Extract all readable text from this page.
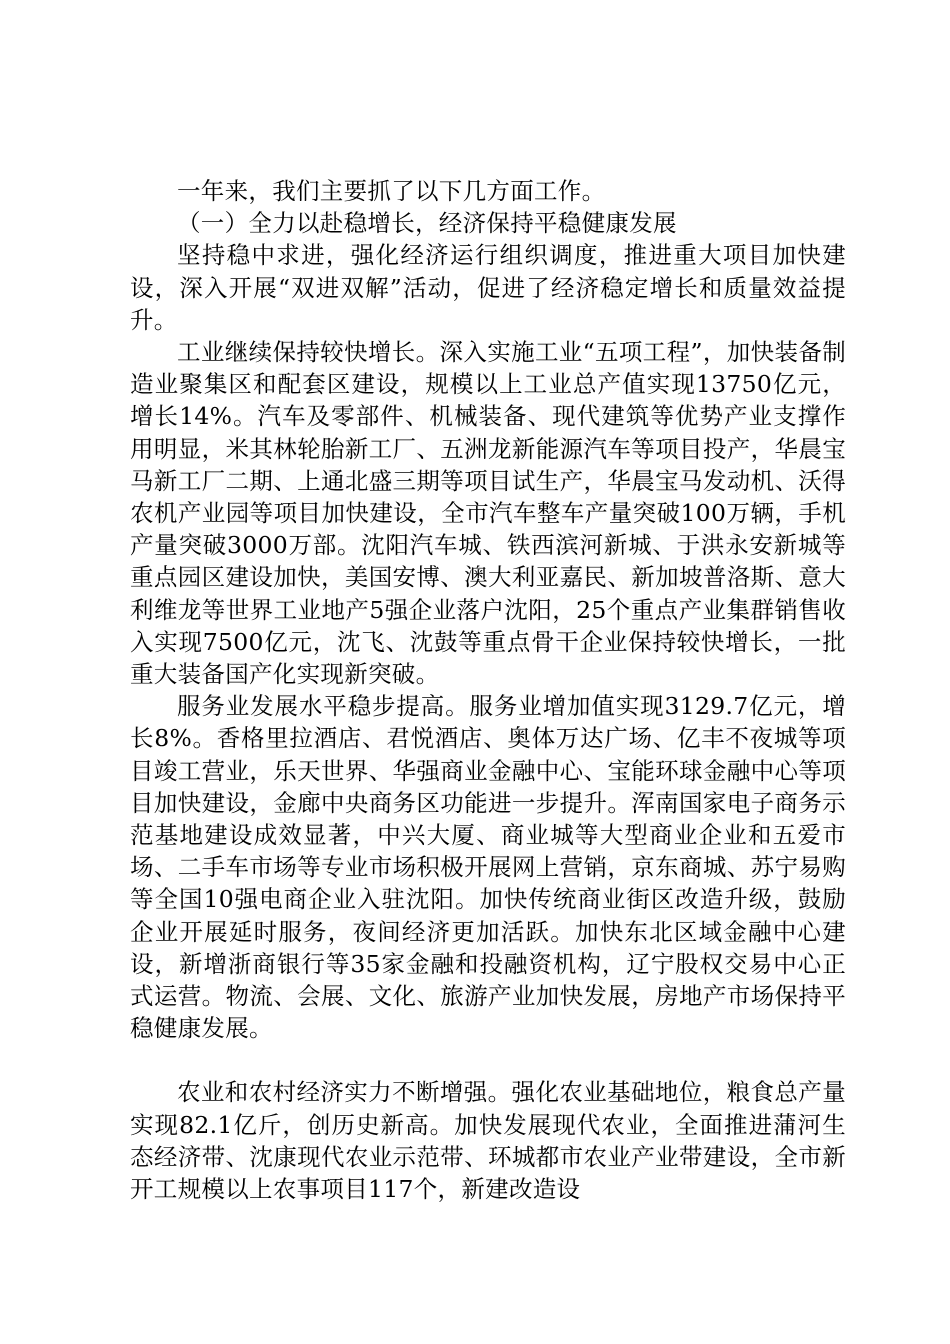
一年来，我们主要抓了以下几方面工作。

（一）全力以赴稳增长，经济保持平稳健康发展

坚持稳中求进，强化经济运行组织调度，推进重大项目加快建设，深入开展“双进双解”活动，促进了经济稳定增长和质量效益提升。

工业继续保持较快增长。深入实施工业“五项工程”，加快装备制造业聚集区和配套区建设，规模以上工业总产值实现13750亿元，增长14%。汽车及零部件、机械装备、现代建筑等优势产业支撑作用明显，米其林轮胎新工厂、五洲龙新能源汽车等项目投产，华晨宝马新工厂二期、上通北盛三期等项目试生产，华晨宝马发动机、沃得农机产业园等项目加快建设，全市汽车整车产量突破100万辆，手机产量突破3000万部。沈阳汽车城、铁西滨河新城、于洪永安新城等重点园区建设加快，美国安博、澳大利亚嘉民、新加坡普洛斯、意大利维龙等世界工业地产5强企业落户沈阳，25个重点产业集群销售收入实现7500亿元，沈飞、沈鼓等重点骨干企业保持较快增长，一批重大装备国产化实现新突破。

服务业发展水平稳步提高。服务业增加值实现3129.7亿元，增长8%。香格里拉酒店、君悦酒店、奥体万达广场、亿丰不夜城等项目竣工营业，乐天世界、华强商业金融中心、宝能环球金融中心等项目加快建设，金廊中央商务区功能进一步提升。浑南国家电子商务示范基地建设成效显著，中兴大厦、商业城等大型商业企业和五爱市场、二手车市场等专业市场积极开展网上营销，京东商城、苏宁易购等全国10强电商企业入驻沈阳。加快传统商业街区改造升级，鼓励企业开展延时服务，夜间经济更加活跃。加快东北区域金融中心建设，新增浙商银行等35家金融和投融资机构，辽宁股权交易中心正式运营。物流、会展、文化、旅游产业加快发展，房地产市场保持平稳健康发展。

农业和农村经济实力不断增强。强化农业基础地位，粮食总产量实现82.1亿斤，创历史新高。加快发展现代农业，全面推进蒲河生态经济带、沈康现代农业示范带、环城都市农业产业带建设，全市新开工规模以上农事项目117个，新建改造设
